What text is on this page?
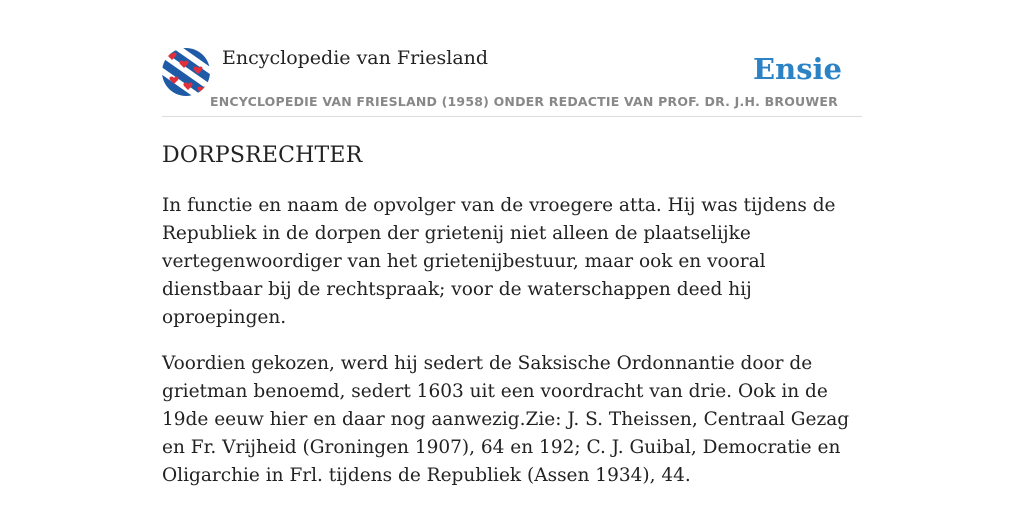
Encyclopedie van Friesland	Ensie
ENCYCLOPEDIE VAN FRIESLAND (1958) ONDER REDACTIE VAN PROF. DR. J.H. BROUWER
DORPSRECHTER

In functie en naam de opvolger van de vroegere atta. Hij was tijdens de Republiek in de dorpen der grietenij niet alleen de plaatselijke vertegenwoordiger van het grietenijbestuur, maar ook en vooral dienstbaar bij de rechtspraak; voor de waterschappen deed hij oproepingen.

Voordien gekozen, werd hij sedert de Saksische Ordonnantie door de grietman benoemd, sedert 1603 uit een voordracht van drie. Ook in de 19de eeuw hier en daar nog aanwezig.Zie: J. S. Theissen, Centraal Gezag en Fr. Vrijheid (Groningen 1907), 64 en 192; C. J. Guibal, Democratie en Oligarchie in Frl. tijdens de Republiek (Assen 1934), 44.
